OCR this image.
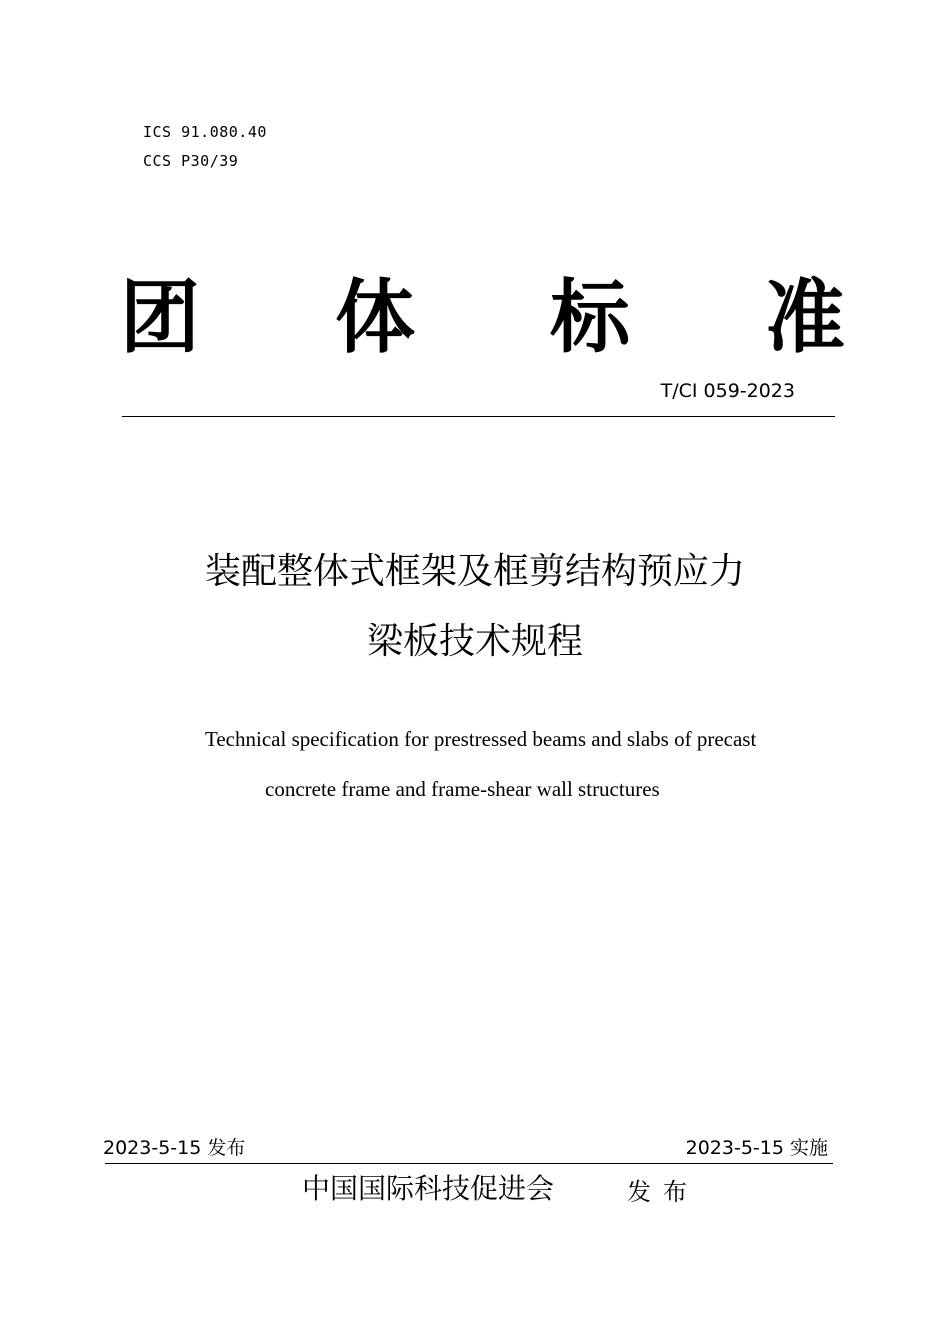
ICS 91.080.40
CCS P30/39
团 体 标 准
T/CI 059-2023
装配整体式框架及框剪结构预应力
梁板技术规程
Technical specification for prestressed beams and slabs of precast
concrete frame and frame-shear wall structures
2023-5-15 发布	2023-5-15 实施
中国国际科技促进会	发布
